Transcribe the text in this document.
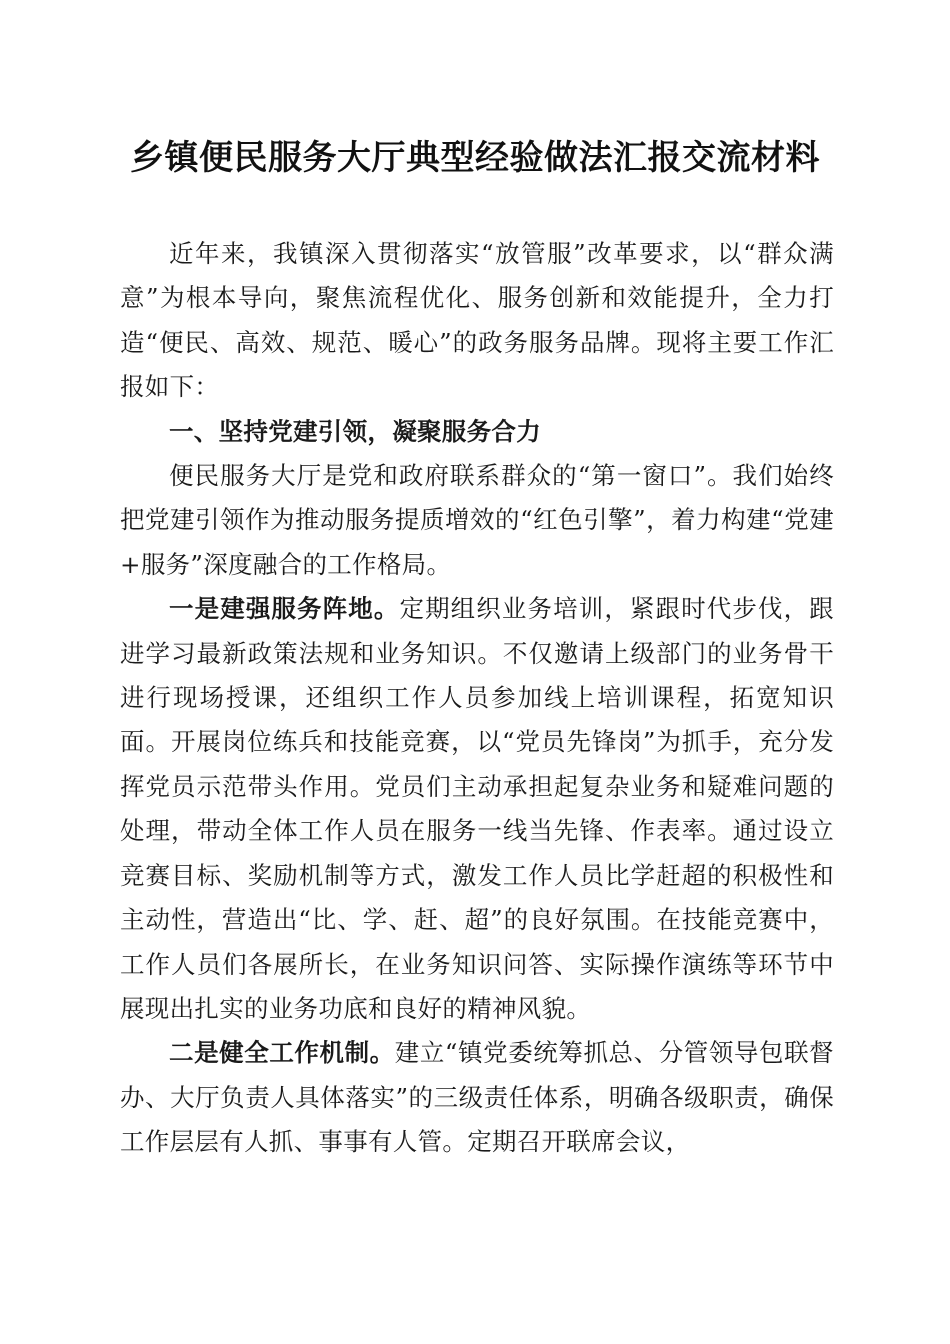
乡镇便民服务大厅典型经验做法汇报交流材料

近年来，我镇深入贯彻落实“放管服”改革要求，以“群众满意”为根本导向，聚焦流程优化、服务创新和效能提升，全力打造“便民、高效、规范、暖心”的政务服务品牌。现将主要工作汇报如下：

一、坚持党建引领，凝聚服务合力

便民服务大厅是党和政府联系群众的“第一窗口”。我们始终把党建引领作为推动服务提质增效的“红色引擎”，着力构建“党建+服务”深度融合的工作格局。

一是建强服务阵地。定期组织业务培训，紧跟时代步伐，跟进学习最新政策法规和业务知识。不仅邀请上级部门的业务骨干进行现场授课，还组织工作人员参加线上培训课程，拓宽知识面。开展岗位练兵和技能竞赛，以“党员先锋岗”为抓手，充分发挥党员示范带头作用。党员们主动承担起复杂业务和疑难问题的处理，带动全体工作人员在服务一线当先锋、作表率。通过设立竞赛目标、奖励机制等方式，激发工作人员比学赶超的积极性和主动性，营造出“比、学、赶、超”的良好氛围。在技能竞赛中，工作人员们各展所长，在业务知识问答、实际操作演练等环节中展现出扎实的业务功底和良好的精神风貌。

二是健全工作机制。建立“镇党委统筹抓总、分管领导包联督办、大厅负责人具体落实”的三级责任体系，明确各级职责，确保工作层层有人抓、事事有人管。定期召开联席会议，
